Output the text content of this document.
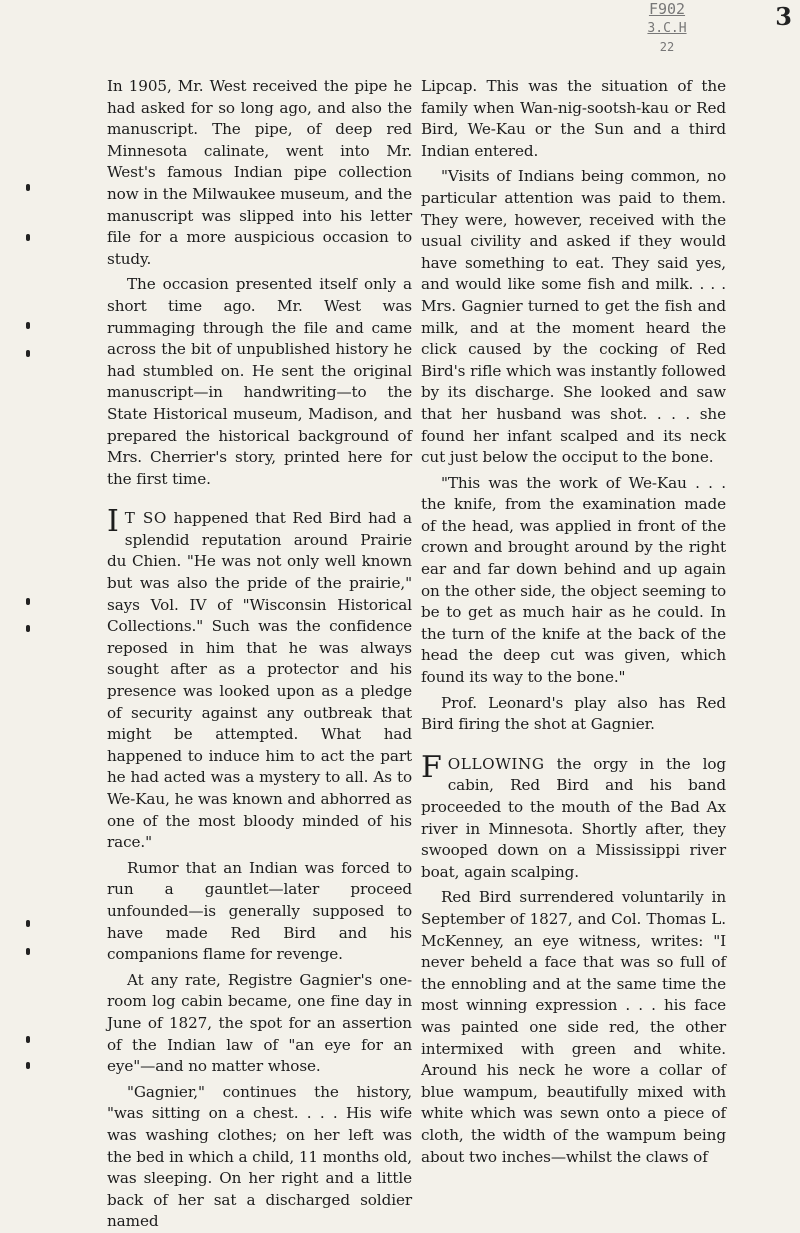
3
F902
3.C.H
22

In 1905, Mr. West received the pipe he had asked for so long ago, and also the manuscript. The pipe, of deep red Minnesota calinate, went into Mr. West's famous Indian pipe collection now in the Milwaukee museum, and the manuscript was slipped into his letter file for a more auspicious occasion to study.

The occasion presented itself only a short time ago. Mr. West was rummaging through the file and came across the bit of unpublished history he had stumbled on. He sent the original manuscript—in handwriting—to the State Historical museum, Madison, and prepared the historical background of Mrs. Cherrier's story, printed here for the first time.

I T SO happened that Red Bird had a splendid reputation around Prairie du Chien. "He was not only well known but was also the pride of the prairie," says Vol. IV of "Wisconsin Historical Collections." Such was the confidence reposed in him that he was always sought after as a protector and his presence was looked upon as a pledge of security against any outbreak that might be attempted. What had happened to induce him to act the part he had acted was a mystery to all. As to We-Kau, he was known and abhorred as one of the most bloody minded of his race."

Rumor that an Indian was forced to run a gauntlet—later proceed unfounded—is generally supposed to have made Red Bird and his companions flame for revenge.

At any rate, Registre Gagnier's one-room log cabin became, one fine day in June of 1827, the spot for an assertion of the Indian law of "an eye for an eye"—and no matter whose.

"Gagnier," continues the history, "was sitting on a chest. . . . His wife was washing clothes; on her left was the bed in which a child, 11 months old, was sleeping. On her right and a little back of her sat a discharged soldier named

Lipcap. This was the situation of the family when Wan-nig-sootsh-kau or Red Bird, We-Kau or the Sun and a third Indian entered.

"Visits of Indians being common, no particular attention was paid to them. They were, however, received with the usual civility and asked if they would have something to eat. They said yes, and would like some fish and milk. . . . Mrs. Gagnier turned to get the fish and milk, and at the moment heard the click caused by the cocking of Red Bird's rifle which was instantly followed by its discharge. She looked and saw that her husband was shot. . . . she found her infant scalped and its neck cut just below the occiput to the bone.

"This was the work of We-Kau . . . the knife, from the examination made of the head, was applied in front of the crown and brought around by the right ear and far down behind and up again on the other side, the object seeming to be to get as much hair as he could. In the turn of the knife at the back of the head the deep cut was given, which found its way to the bone."

Prof. Leonard's play also has Red Bird firing the shot at Gagnier.

FOLLOWING the orgy in the log cabin, Red Bird and his band proceeded to the mouth of the Bad Ax river in Minnesota. Shortly after, they swooped down on a Mississippi river boat, again scalping.

Red Bird surrendered voluntarily in September of 1827, and Col. Thomas L. McKenney, an eye witness, writes: "I never beheld a face that was so full of the ennobling and at the same time the most winning expression . . . his face was painted one side red, the other intermixed with green and white. Around his neck he wore a collar of blue wampum, beautifully mixed with white which was sewn onto a piece of cloth, the width of the wampum being about two inches—whilst the claws of
